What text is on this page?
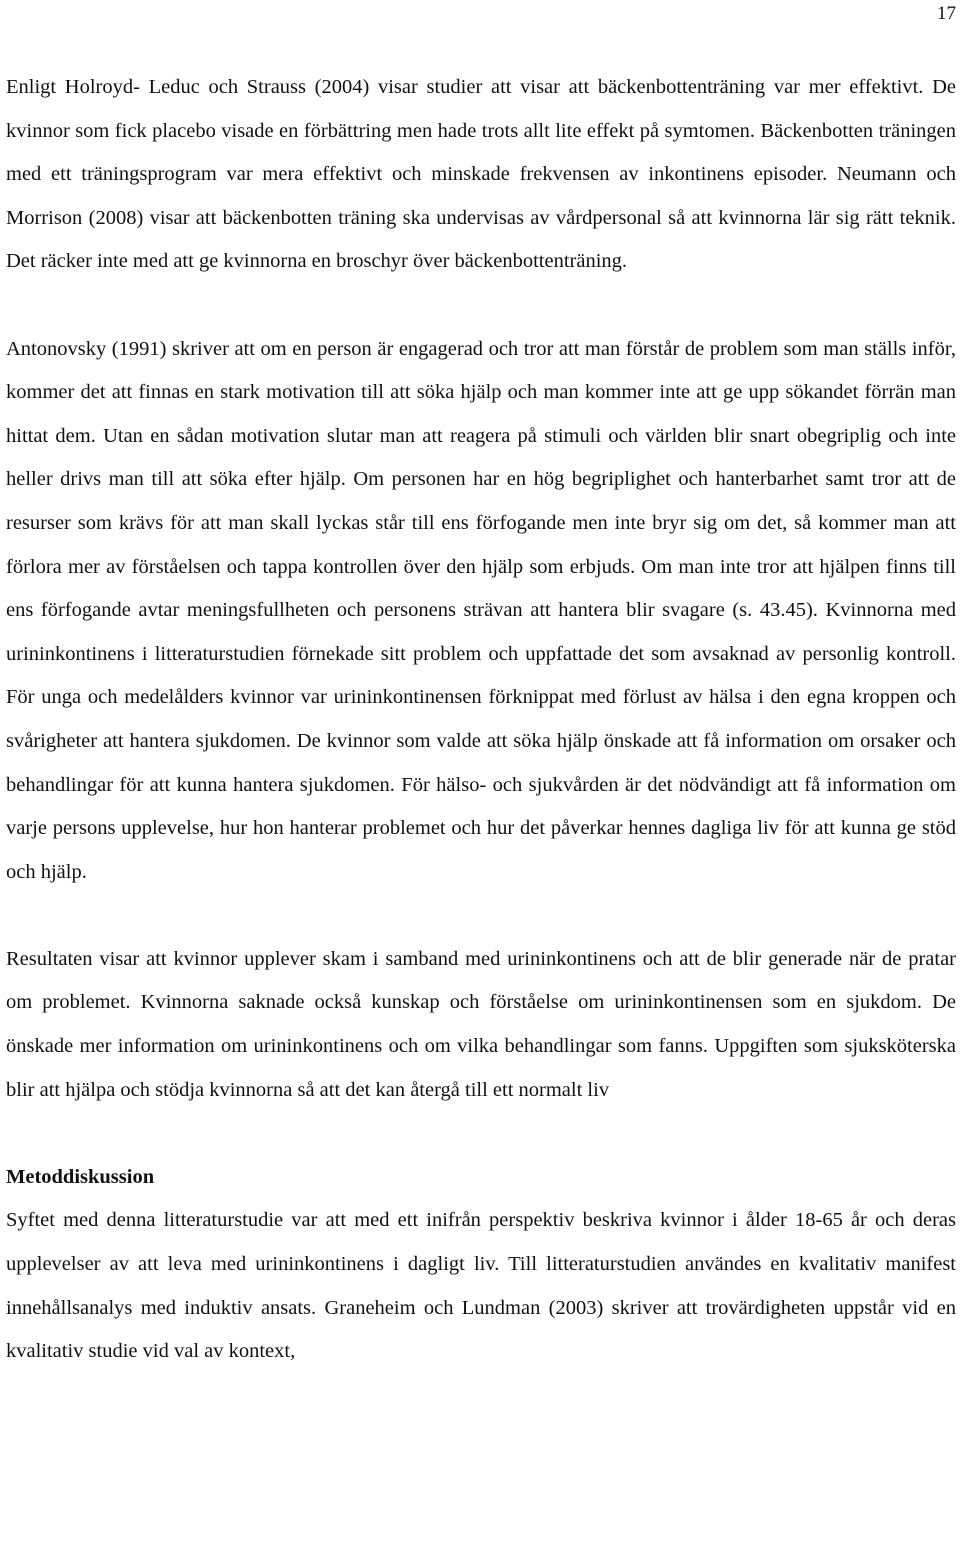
17

Enligt Holroyd- Leduc och Strauss (2004) visar studier att visar att bäckenbottenträning var mer effektivt. De kvinnor som fick placebo visade en förbättring men hade trots allt lite effekt på symtomen. Bäckenbotten träningen med ett träningsprogram var mera effektivt och minskade frekvensen av inkontinens episoder. Neumann och Morrison (2008) visar att bäckenbotten träning ska undervisas av vårdpersonal så att kvinnorna lär sig rätt teknik. Det räcker inte med att ge kvinnorna en broschyr över bäckenbottenträning.

Antonovsky (1991) skriver att om en person är engagerad och tror att man förstår de problem som man ställs inför, kommer det att finnas en stark motivation till att söka hjälp och man kommer inte att ge upp sökandet förrän man hittat dem. Utan en sådan motivation slutar man att reagera på stimuli och världen blir snart obegriplig och inte heller drivs man till att söka efter hjälp. Om personen har en hög begriplighet och hanterbarhet samt tror att de resurser som krävs för att man skall lyckas står till ens förfogande men inte bryr sig om det, så kommer man att förlora mer av förståelsen och tappa kontrollen över den hjälp som erbjuds. Om man inte tror att hjälpen finns till ens förfogande avtar meningsfullheten och personens strävan att hantera blir svagare (s. 43.45). Kvinnorna med urininkontinens i litteraturstudien förnekade sitt problem och uppfattade det som avsaknad av personlig kontroll. För unga och medelålders kvinnor var urininkontinensen förknippat med förlust av hälsa i den egna kroppen och svårigheter att hantera sjukdomen. De kvinnor som valde att söka hjälp önskade att få information om orsaker och behandlingar för att kunna hantera sjukdomen. För hälso- och sjukvården är det nödvändigt att få information om varje persons upplevelse, hur hon hanterar problemet och hur det påverkar hennes dagliga liv för att kunna ge stöd och hjälp.

Resultaten visar att kvinnor upplever skam i samband med urininkontinens och att de blir generade när de pratar om problemet. Kvinnorna saknade också kunskap och förståelse om urininkontinensen som en sjukdom. De önskade mer information om urininkontinens och om vilka behandlingar som fanns. Uppgiften som sjuksköterska blir att hjälpa och stödja kvinnorna så att det kan återgå till ett normalt liv

Metoddiskussion

Syftet med denna litteraturstudie var att med ett inifrån perspektiv beskriva kvinnor i ålder 18-65 år och deras upplevelser av att leva med urininkontinens i dagligt liv. Till litteraturstudien användes en kvalitativ manifest innehållsanalys med induktiv ansats. Graneheim och Lundman (2003) skriver att trovärdigheten uppstår vid en kvalitativ studie vid val av kontext,
